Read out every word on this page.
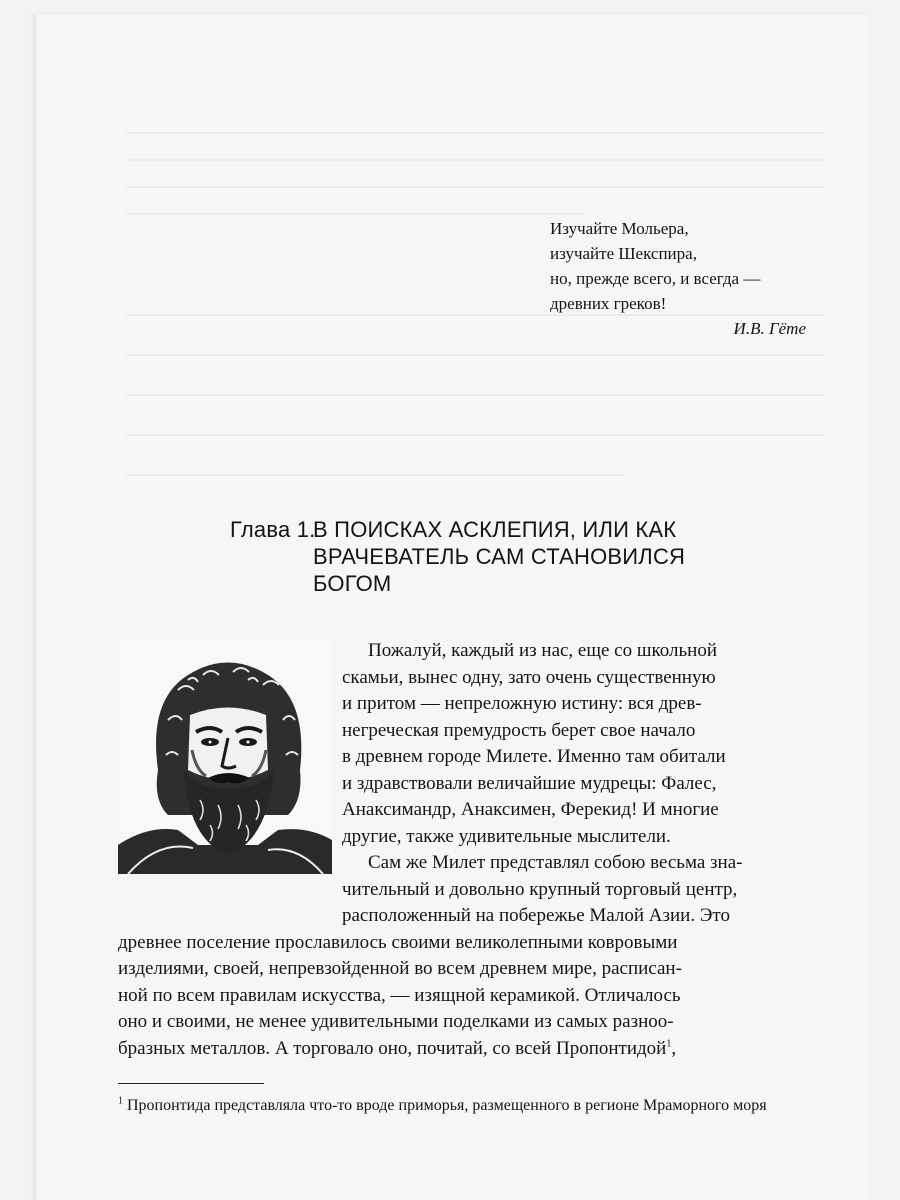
Изучайте Мольера,
изучайте Шекспира,
но, прежде всего, и всегда —
древних греков!
И.В. Гёте
Глава 1.
В ПОИСКАХ АСКЛЕПИЯ, ИЛИ КАК
ВРАЧЕВАТЕЛЬ САМ СТАНОВИЛСЯ
БОГОМ
Пожалуй, каждый из нас, еще со школьной
скамьи, вынес одну, зато очень существенную
и притом — непреложную истину: вся древ-
негреческая премудрость берет свое начало
в древнем городе Милете. Именно там обитали
и здравствовали величайшие мудрецы: Фалес,
Анаксимандр, Анаксимен, Ферекид! И многие
другие, также удивительные мыслители.
Сам же Милет представлял собою весьма зна-
чительный и довольно крупный торговый центр,
расположенный на побережье Малой Азии. Это
древнее поселение прославилось своими великолепными ковровыми
изделиями, своей, непревзойденной во всем древнем мире, расписан-
ной по всем правилам искусства, — изящной керамикой. Отличалось
оно и своими, не менее удивительными поделками из самых разноо-
бразных металлов. А торговало оно, почитай, со всей Пропонтидой$^1$,
$^1$ Пропонтида представляла что-то вроде приморья, размещенного в регионе Мраморного моря
